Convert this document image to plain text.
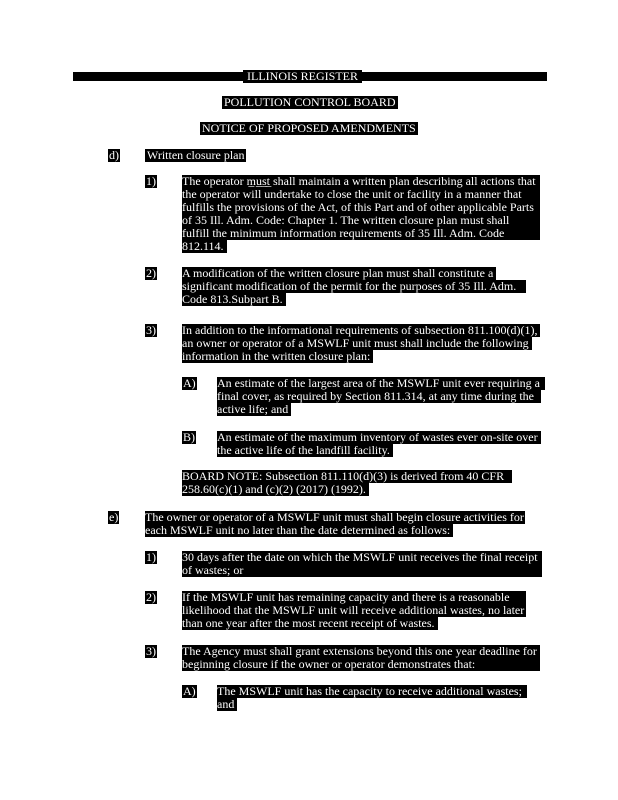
ILLINOIS REGISTER
POLLUTION CONTROL BOARD
NOTICE OF PROPOSED AMENDMENTS
d) Written closure plan
1) The operator m̲u̲s̲t̲ shall maintain a written plan describing all actions that
the operator will undertake to close the unit or facility in a manner that
fulfills the provisions of the Act, of this Part and of other applicable Parts
of 35 Ill. Adm. Code: Chapter 1. The written closure plan must shall
fulfill the minimum information requirements of 35 Ill. Adm. Code
812.114.
2) A modification of the written closure plan must shall constitute a
significant modification of the permit for the purposes of 35 Ill. Adm.
Code 813.Subpart B.
3) In addition to the informational requirements of subsection 811.100(d)(1),
an owner or operator of a MSWLF unit must shall include the following
information in the written closure plan:
A) An estimate of the largest area of the MSWLF unit ever requiring a
final cover, as required by Section 811.314, at any time during the
active life; and
B) An estimate of the maximum inventory of wastes ever on-site over
the active life of the landfill facility.
BOARD NOTE: Subsection 811.110(d)(3) is derived from 40 CFR
258.60(c)(1) and (c)(2) (2017) (1992).
e) The owner or operator of a MSWLF unit must shall begin closure activities for
each MSWLF unit no later than the date determined as follows:
1) 30 days after the date on which the MSWLF unit receives the final receipt
of wastes; or
2) If the MSWLF unit has remaining capacity and there is a reasonable
likelihood that the MSWLF unit will receive additional wastes, no later
than one year after the most recent receipt of wastes.
3) The Agency must shall grant extensions beyond this one year deadline for
beginning closure if the owner or operator demonstrates that:
A) The MSWLF unit has the capacity to receive additional wastes;
and
